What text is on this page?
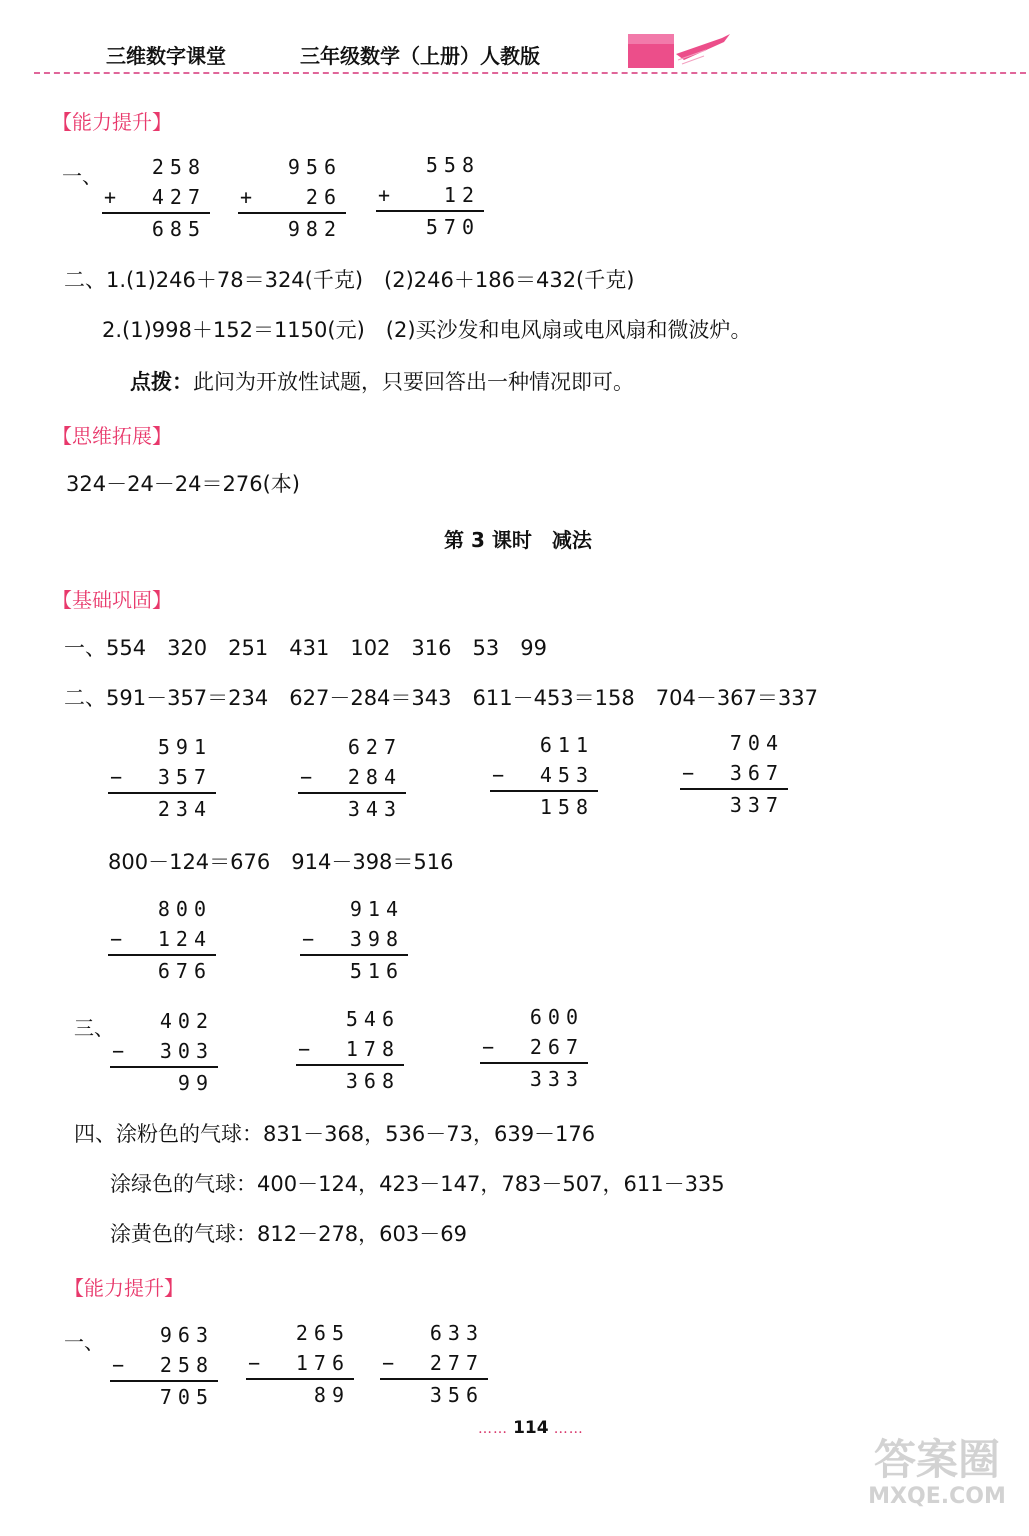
三维数字课堂	三年级数学（上册）人教版
【能力提升】
一、	258
+ 427
685
956
+ 26
982
558
+ 12
570
二、1.(1)246＋78＝324(千克)　(2)246＋186＝432(千克)
2.(1)998＋152＝1150(元)　(2)买沙发和电风扇或电风扇和微波炉。
点拨：此问为开放性试题，只要回答出一种情况即可。
【思维拓展】
324－24－24＝276(本)
第 3 课时　减法
【基础巩固】
一、554　320　251　431　102　316　53　99
二、591－357＝234　627－284＝343　611－453＝158　704－367＝337
591
− 357
234
627
− 284
343
611
− 453
158
704
− 367
337
800－124＝676　914－398＝516
800
− 124
676
914
− 398
516
三、	402
− 303
99
546
− 178
368
600
− 267
333
四、涂粉色的气球：831－368，536－73，639－176
涂绿色的气球：400－124，423－147，783－507，611－335
涂黄色的气球：812－278，603－69
【能力提升】
一、	963
− 258
705
265
− 176
89
633
− 277
356
…… 114 ……
答案圈
MXQE.COM
